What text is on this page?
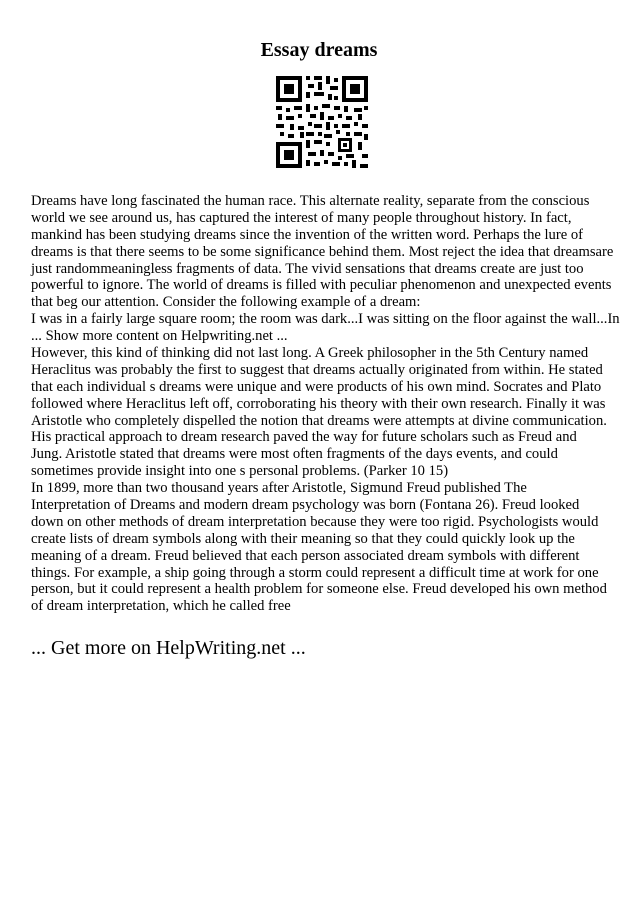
Essay dreams
Dreams have long fascinated the human race. This alternate reality, separate from the conscious
world we see around us, has captured the interest of many people throughout history. In fact,
mankind has been studying dreams since the invention of the written word. Perhaps the lure of
dreams is that there seems to be some significance behind them. Most reject the idea that dreamsare
just randommeaningless fragments of data. The vivid sensations that dreams create are just too
powerful to ignore. The world of dreams is filled with peculiar phenomenon and unexpected events
that beg our attention. Consider the following example of a dream:
I was in a fairly large square room; the room was dark...I was sitting on the floor against the wall...In
... Show more content on Helpwriting.net ...
However, this kind of thinking did not last long. A Greek philosopher in the 5th Century named
Heraclitus was probably the first to suggest that dreams actually originated from within. He stated
that each individual s dreams were unique and were products of his own mind. Socrates and Plato
followed where Heraclitus left off, corroborating his theory with their own research. Finally it was
Aristotle who completely dispelled the notion that dreams were attempts at divine communication.
His practical approach to dream research paved the way for future scholars such as Freud and
Jung. Aristotle stated that dreams were most often fragments of the days events, and could
sometimes provide insight into one s personal problems. (Parker 10 15)
In 1899, more than two thousand years after Aristotle, Sigmund Freud published The
Interpretation of Dreams and modern dream psychology was born (Fontana 26). Freud looked
down on other methods of dream interpretation because they were too rigid. Psychologists would
create lists of dream symbols along with their meaning so that they could quickly look up the
meaning of a dream. Freud believed that each person associated dream symbols with different
things. For example, a ship going through a storm could represent a difficult time at work for one
person, but it could represent a health problem for someone else. Freud developed his own method
of dream interpretation, which he called free
... Get more on HelpWriting.net ...
